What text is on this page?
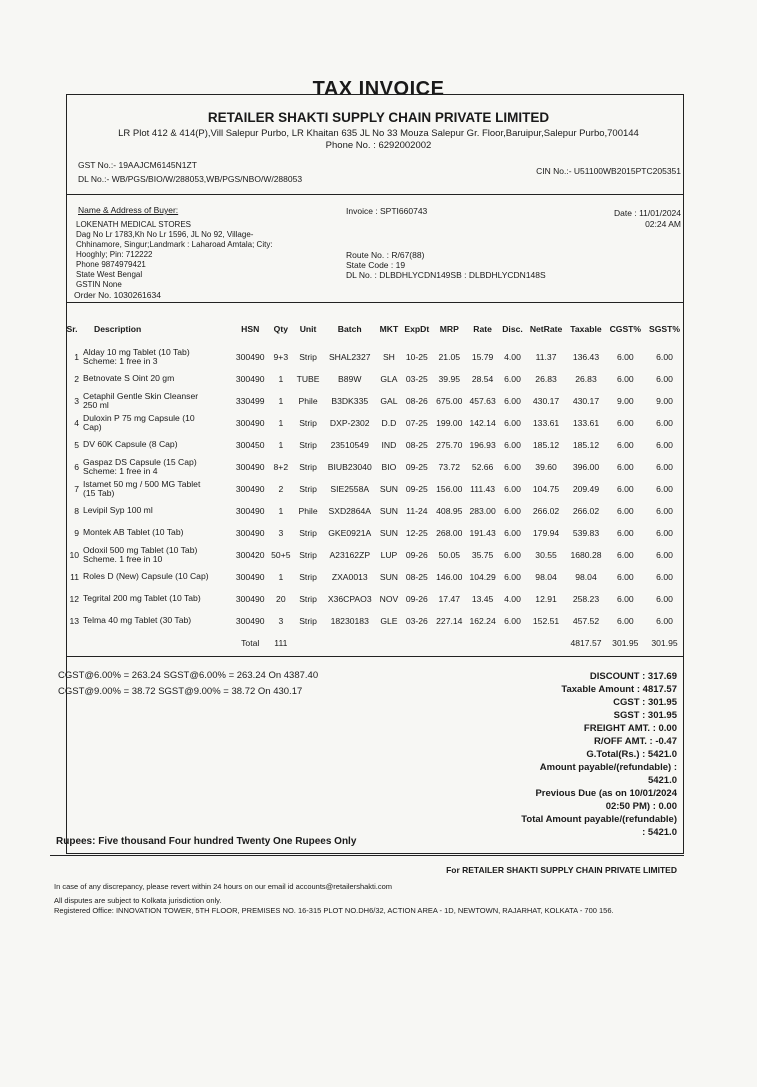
TAX INVOICE
RETAILER SHAKTI SUPPLY CHAIN PRIVATE LIMITED
LR Plot 412 & 414(P),Vill Salepur Purbo, LR Khaitan 635 JL No 33 Mouza Salepur Gr. Floor,Baruipur,Salepur Purbo,700144
Phone No. : 6292002002
GST No.:- 19AAJCM6145N1ZT
DL No.:- WB/PGS/BIO/W/288053,WB/PGS/NBO/W/288053
CIN No.:- U51100WB2015PTC205351
Name & Address of Buyer:
LOKENATH MEDICAL STORES
Dag No Lr 1783,Kh No Lr 1596, JL No 92, Village-
Chhinamore, Singur;Landmark : Laharoad Amtala; City:
Hooghly; Pin: 712222
Phone 9874979421
State West Bengal
GSTIN None
Order No. 1030261634
Invoice : SPTI660743	Date : 11/01/2024
02:24 AM
Route No. : R/67(88)
State Code : 19
DL No. : DLBDHLYCDN149SB : DLBDHLYCDN148S
Sr.	Description	HSN	Qty	Unit	Batch	MKT	ExpDt	MRP	Rate	Disc.	NetRate	Taxable	CGST%	SGST%
1	Alday 10 mg Tablet (10 Tab)
Scheme: 1 free in 3	300490	9+3	Strip	SHAL2327	SH	10-25	21.05	15.79	4.00	11.37	136.43	6.00	6.00
2	Betnovate S Oint 20 gm	300490	1	TUBE	B89W	GLA	03-25	39.95	28.54	6.00	26.83	26.83	6.00	6.00
3	Cetaphil Gentle Skin Cleanser
250 ml	330499	1	Phile	B3DK335	GAL	08-26	675.00	457.63	6.00	430.17	430.17	9.00	9.00
4	Duloxin P 75 mg Capsule (10
Cap)	300490	1	Strip	DXP-2302	D.D	07-25	199.00	142.14	6.00	133.61	133.61	6.00	6.00
5	DV 60K Capsule (8 Cap)	300450	1	Strip	23510549	IND	08-25	275.70	196.93	6.00	185.12	185.12	6.00	6.00
6	Gaspaz DS Capsule (15 Cap)
Scheme: 1 free in 4	300490	8+2	Strip	BIUB23040	BIO	09-25	73.72	52.66	6.00	39.60	396.00	6.00	6.00
7	Istamet 50 mg / 500 MG Tablet
(15 Tab)	300490	2	Strip	SIE2558A	SUN	09-25	156.00	111.43	6.00	104.75	209.49	6.00	6.00
8	Levipil Syp 100 ml	300490	1	Phile	SXD2864A	SUN	11-24	408.95	283.00	6.00	266.02	266.02	6.00	6.00
9	Montek AB Tablet (10 Tab)	300490	3	Strip	GKE0921A	SUN	12-25	268.00	191.43	6.00	179.94	539.83	6.00	6.00
10	Odoxil 500 mg Tablet (10 Tab)
Scheme. 1 free in 10	300420	50+5	Strip	A23162ZP	LUP	09-26	50.05	35.75	6.00	30.55	1680.28	6.00	6.00
11	Roles D (New) Capsule (10 Cap)	300490	1	Strip	ZXA0013	SUN	08-25	146.00	104.29	6.00	98.04	98.04	6.00	6.00
12	Tegrital 200 mg Tablet (10 Tab)	300490	20	Strip	X36CPAO3	NOV	09-26	17.47	13.45	4.00	12.91	258.23	6.00	6.00
13	Telma 40 mg Tablet (30 Tab)	300490	3	Strip	18230183	GLE	03-26	227.14	162.24	6.00	152.51	457.52	6.00	6.00
		Total	111									4817.57	301.95	301.95
CGST@6.00% = 263.24 SGST@6.00% = 263.24 On 4387.40
CGST@9.00% = 38.72 SGST@9.00% = 38.72 On 430.17
DISCOUNT : 317.69
Taxable Amount : 4817.57
CGST : 301.95
SGST : 301.95
FREIGHT AMT. : 0.00
R/OFF AMT. : -0.47
G.Total(Rs.) : 5421.0
Amount payable/(refundable) :
5421.0
Previous Due (as on 10/01/2024
02:50 PM) : 0.00
Total Amount payable/(refundable)
: 5421.0
Rupees: Five thousand Four hundred Twenty One Rupees Only
For RETAILER SHAKTI SUPPLY CHAIN PRIVATE LIMITED
In case of any discrepancy, please revert within 24 hours on our email id accounts@retailershakti.com
All disputes are subject to Kolkata jurisdiction only.
Registered Office: INNOVATION TOWER, 5TH FLOOR, PREMISES NO. 16-315 PLOT NO.DH6/32, ACTION AREA - 1D, NEWTOWN, RAJARHAT, KOLKATA - 700 156.
